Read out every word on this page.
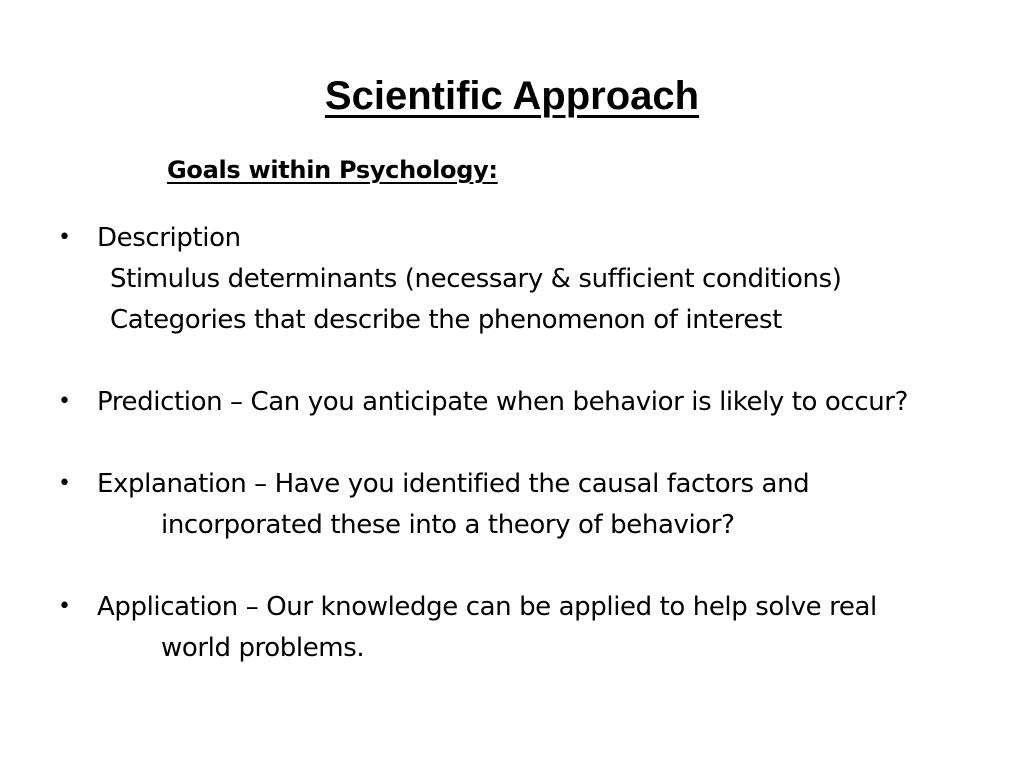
Scientific Approach
Goals within Psychology:
• Description
Stimulus determinants (necessary & sufficient conditions)
Categories that describe the phenomenon of interest
• Prediction – Can you anticipate when behavior is likely to occur?
• Explanation – Have you identified the causal factors and
incorporated these into a theory of behavior?
• Application – Our knowledge can be applied to help solve real
world problems.
